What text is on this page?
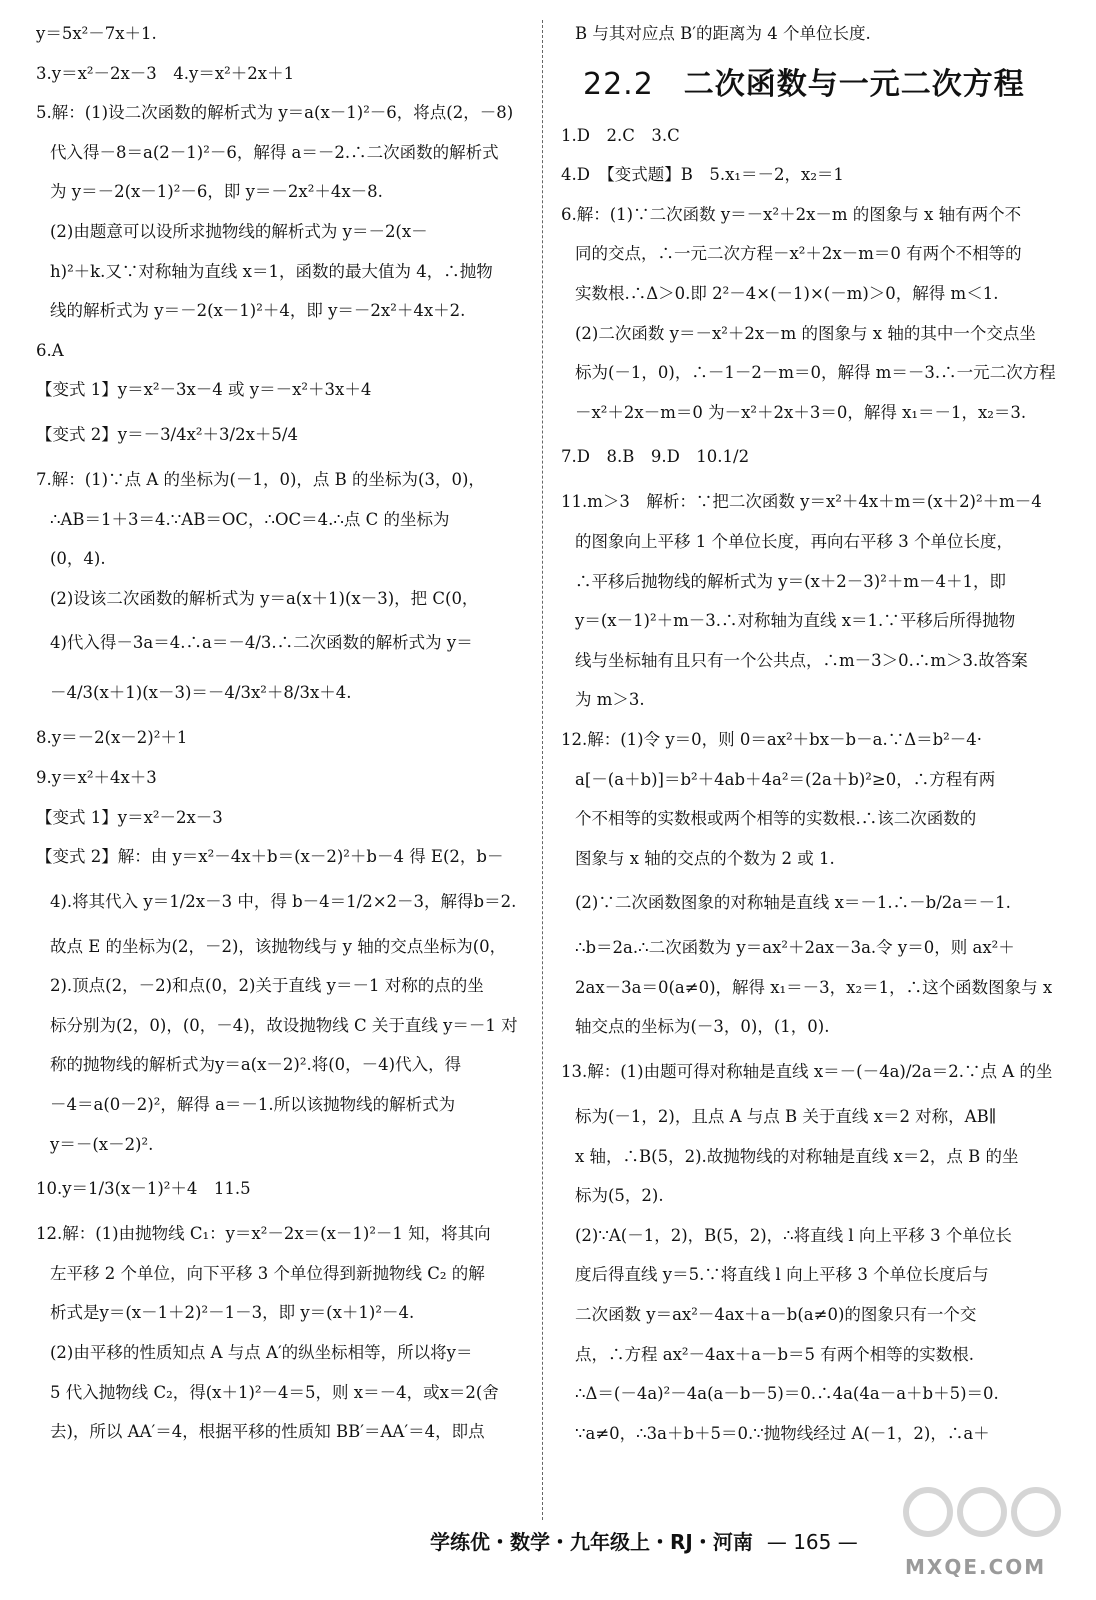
y＝5x²－7x＋1.
3.y＝x²－2x－3　4.y＝x²＋2x＋1
5.解：(1)设二次函数的解析式为 y＝a(x－1)²－6，将点(2，－8)
代入得－8＝a(2－1)²－6，解得 a＝－2.∴二次函数的解析式
为 y＝－2(x－1)²－6，即 y＝－2x²＋4x－8.
(2)由题意可以设所求抛物线的解析式为 y＝－2(x－
h)²＋k.又∵对称轴为直线 x＝1，函数的最大值为 4，∴抛物
线的解析式为 y＝－2(x－1)²＋4，即 y＝－2x²＋4x＋2.
6.A
【变式 1】y＝x²－3x－4 或 y＝－x²＋3x＋4
【变式 2】y＝－3/4x²＋3/2x＋5/4
7.解：(1)∵点 A 的坐标为(－1，0)，点 B 的坐标为(3，0)，
∴AB＝1＋3＝4.∵AB＝OC，∴OC＝4.∴点 C 的坐标为
(0，4).
(2)设该二次函数的解析式为 y＝a(x＋1)(x－3)，把 C(0，
4)代入得－3a＝4.∴a＝－4/3.∴二次函数的解析式为 y＝
－4/3(x＋1)(x－3)＝－4/3x²＋8/3x＋4.
8.y＝－2(x－2)²＋1
9.y＝x²＋4x＋3
【变式 1】y＝x²－2x－3
【变式 2】解：由 y＝x²－4x＋b＝(x－2)²＋b－4 得 E(2，b－
4).将其代入 y＝1/2x－3 中，得 b－4＝1/2×2－3，解得b＝2.
故点 E 的坐标为(2，－2)，该抛物线与 y 轴的交点坐标为(0，
2).顶点(2，－2)和点(0，2)关于直线 y＝－1 对称的点的坐
标分别为(2，0)，(0，－4)，故设抛物线 C 关于直线 y＝－1 对
称的抛物线的解析式为y＝a(x－2)².将(0，－4)代入，得
－4＝a(0－2)²，解得 a＝－1.所以该抛物线的解析式为
y＝－(x－2)².
10.y＝1/3(x－1)²＋4　11.5
12.解：(1)由抛物线 C₁：y＝x²－2x＝(x－1)²－1 知，将其向
左平移 2 个单位，向下平移 3 个单位得到新抛物线 C₂ 的解
析式是y＝(x－1＋2)²－1－3，即 y＝(x＋1)²－4.
(2)由平移的性质知点 A 与点 A′的纵坐标相等，所以将y＝
5 代入抛物线 C₂，得(x＋1)²－4＝5，则 x＝－4，或x＝2(舍
去)，所以 AA′＝4，根据平移的性质知 BB′＝AA′＝4，即点
B 与其对应点 B′的距离为 4 个单位长度.
22.2 二次函数与一元二次方程
1.D　2.C　3.C
4.D　【变式题】B　5.x₁＝－2，x₂＝1
6.解：(1)∵二次函数 y＝－x²＋2x－m 的图象与 x 轴有两个不
同的交点，∴一元二次方程－x²＋2x－m＝0 有两个不相等的
实数根.∴Δ＞0.即 2²－4×(－1)×(－m)＞0，解得 m＜1.
(2)二次函数 y＝－x²＋2x－m 的图象与 x 轴的其中一个交点坐
标为(－1，0)，∴－1－2－m＝0，解得 m＝－3.∴一元二次方程
－x²＋2x－m＝0 为－x²＋2x＋3＝0，解得 x₁＝－1，x₂＝3.
7.D　8.B　9.D　10.1/2
11.m＞3　解析：∵把二次函数 y＝x²＋4x＋m＝(x＋2)²＋m－4
的图象向上平移 1 个单位长度，再向右平移 3 个单位长度，
∴平移后抛物线的解析式为 y＝(x＋2－3)²＋m－4＋1，即
y＝(x－1)²＋m－3.∴对称轴为直线 x＝1.∵平移后所得抛物
线与坐标轴有且只有一个公共点，∴m－3＞0.∴m＞3.故答案
为 m＞3.
12.解：(1)令 y＝0，则 0＝ax²＋bx－b－a.∵Δ＝b²－4·
a[－(a＋b)]＝b²＋4ab＋4a²＝(2a＋b)²≥0，∴方程有两
个不相等的实数根或两个相等的实数根.∴该二次函数的
图象与 x 轴的交点的个数为 2 或 1.
(2)∵二次函数图象的对称轴是直线 x＝－1.∴－b/2a＝－1.
∴b＝2a.∴二次函数为 y＝ax²＋2ax－3a.令 y＝0，则 ax²＋
2ax－3a＝0(a≠0)，解得 x₁＝－3，x₂＝1，∴这个函数图象与 x
轴交点的坐标为(－3，0)，(1，0).
13.解：(1)由题可得对称轴是直线 x＝－(－4a)/2a＝2.∵点 A 的坐
标为(－1，2)，且点 A 与点 B 关于直线 x＝2 对称，AB∥
x 轴，∴B(5，2).故抛物线的对称轴是直线 x＝2，点 B 的坐
标为(5，2).
(2)∵A(－1，2)，B(5，2)，∴将直线 l 向上平移 3 个单位长
度后得直线 y＝5.∵将直线 l 向上平移 3 个单位长度后与
二次函数 y＝ax²－4ax＋a－b(a≠0)的图象只有一个交
点，∴方程 ax²－4ax＋a－b＝5 有两个相等的实数根.
∴Δ＝(－4a)²－4a(a－b－5)＝0.∴4a(4a－a＋b＋5)＝0.
∵a≠0，∴3a＋b＋5＝0.∵抛物线经过 A(－1，2)，∴a＋
学练优・数学・九年级上・RJ・河南 — 165 —
MXQE.COM
